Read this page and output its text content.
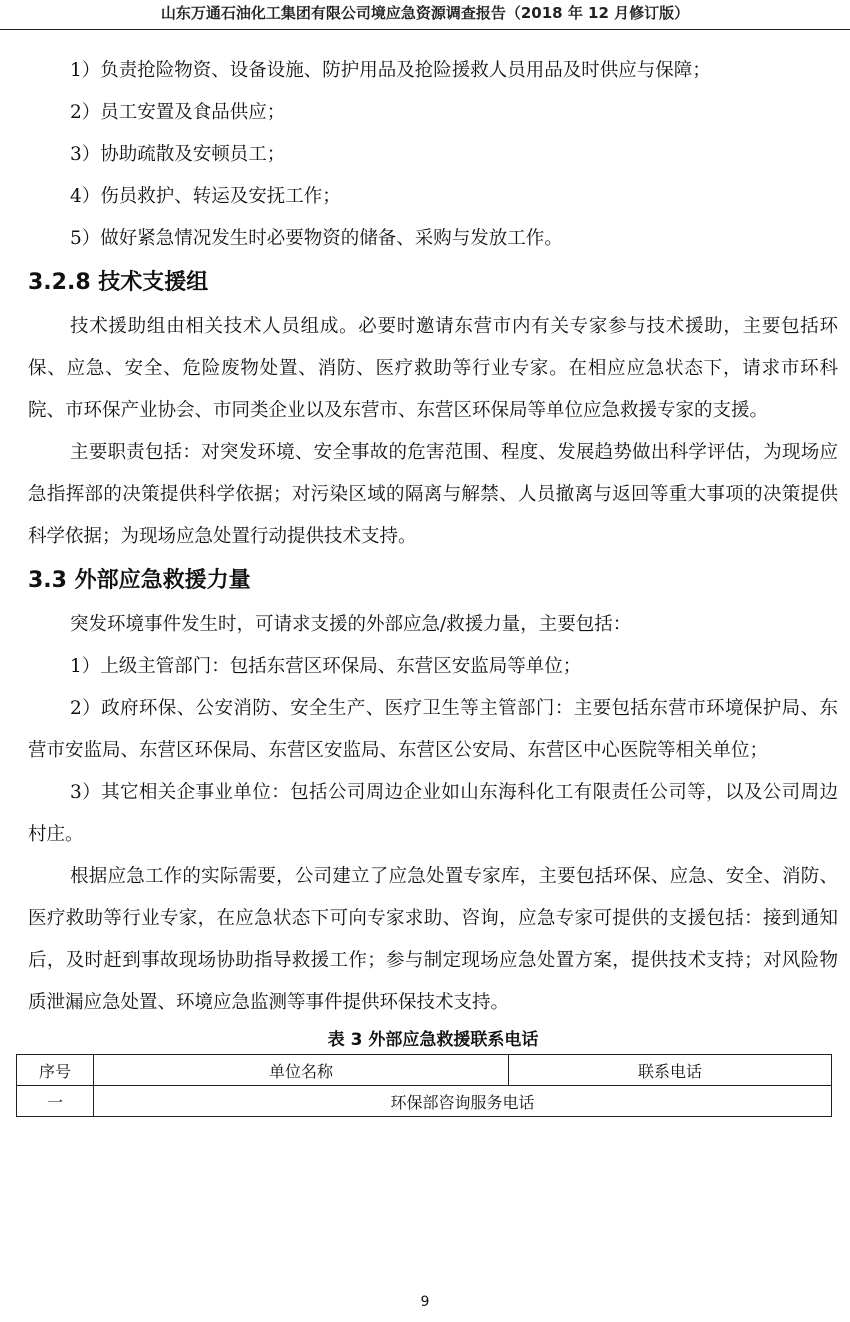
山东万通石油化工集团有限公司境应急资源调查报告（2018 年 12 月修订版）

1）负责抢险物资、设备设施、防护用品及抢险援救人员用品及时供应与保障；

2）员工安置及食品供应；

3）协助疏散及安顿员工；

4）伤员救护、转运及安抚工作；

5）做好紧急情况发生时必要物资的储备、采购与发放工作。

3.2.8 技术支援组

技术援助组由相关技术人员组成。必要时邀请东营市内有关专家参与技术援助，主要包括环保、应急、安全、危险废物处置、消防、医疗救助等行业专家。在相应应急状态下，请求市环科院、市环保产业协会、市同类企业以及东营市、东营区环保局等单位应急救援专家的支援。

主要职责包括：对突发环境、安全事故的危害范围、程度、发展趋势做出科学评估，为现场应急指挥部的决策提供科学依据；对污染区域的隔离与解禁、人员撤离与返回等重大事项的决策提供科学依据；为现场应急处置行动提供技术支持。

3.3 外部应急救援力量

突发环境事件发生时，可请求支援的外部应急/救援力量，主要包括：

1）上级主管部门：包括东营区环保局、东营区安监局等单位；

2）政府环保、公安消防、安全生产、医疗卫生等主管部门：主要包括东营市环境保护局、东营市安监局、东营区环保局、东营区安监局、东营区公安局、东营区中心医院等相关单位；

3）其它相关企事业单位：包括公司周边企业如山东海科化工有限责任公司等，以及公司周边村庄。

根据应急工作的实际需要，公司建立了应急处置专家库，主要包括环保、应急、安全、消防、医疗救助等行业专家，在应急状态下可向专家求助、咨询，应急专家可提供的支援包括：接到通知后，及时赶到事故现场协助指导救援工作；参与制定现场应急处置方案，提供技术支持；对风险物质泄漏应急处置、环境应急监测等事件提供环保技术支持。

表 3 外部应急救援联系电话
序号	单位名称	联系电话
一	环保部咨询服务电话	
9
